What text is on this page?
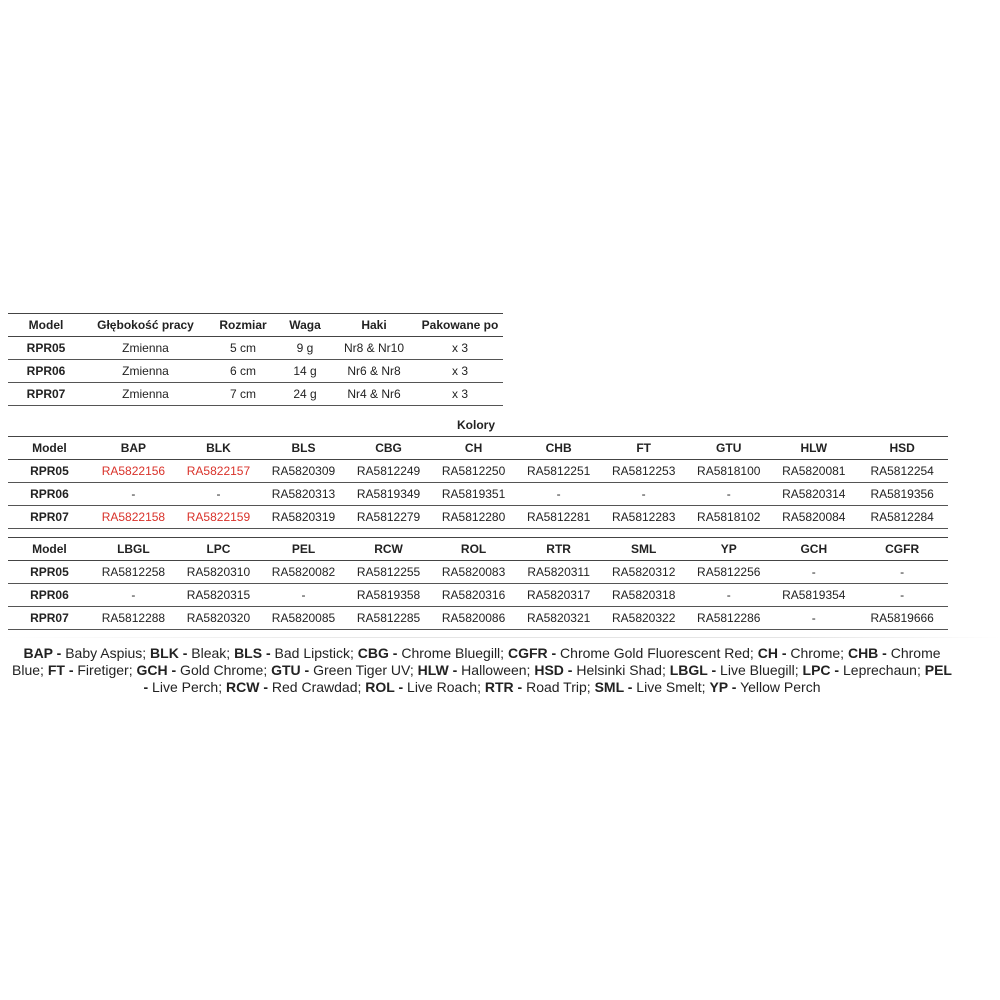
Model	Głębokość pracy	Rozmiar	Waga	Haki	Pakowane po
RPR05	Zmienna	5 cm	9 g	Nr8 & Nr10	x 3
RPR06	Zmienna	6 cm	14 g	Nr6 & Nr8	x 3
RPR07	Zmienna	7 cm	24 g	Nr4 & Nr6	x 3
Kolory
Model	BAP	BLK	BLS	CBG	CH	CHB	FT	GTU	HLW	HSD
RPR05	RA5822156	RA5822157	RA5820309	RA5812249	RA5812250	RA5812251	RA5812253	RA5818100	RA5820081	RA5812254
RPR06	-	-	RA5820313	RA5819349	RA5819351	-	-	-	RA5820314	RA5819356
RPR07	RA5822158	RA5822159	RA5820319	RA5812279	RA5812280	RA5812281	RA5812283	RA5818102	RA5820084	RA5812284

Model	LBGL	LPC	PEL	RCW	ROL	RTR	SML	YP	GCH	CGFR
RPR05	RA5812258	RA5820310	RA5820082	RA5812255	RA5820083	RA5820311	RA5820312	RA5812256	-	-
RPR06	-	RA5820315	-	RA5819358	RA5820316	RA5820317	RA5820318	-	RA5819354	-
RPR07	RA5812288	RA5820320	RA5820085	RA5812285	RA5820086	RA5820321	RA5820322	RA5812286	-	RA5819666
BAP - Baby Aspius; BLK - Bleak; BLS - Bad Lipstick; CBG - Chrome Bluegill; CGFR - Chrome Gold Fluorescent Red; CH - Chrome; CHB - Chrome Blue; FT - Firetiger; GCH - Gold Chrome; GTU - Green Tiger UV; HLW - Halloween; HSD - Helsinki Shad; LBGL - Live Bluegill; LPC - Leprechaun; PEL - Live Perch; RCW - Red Crawdad; ROL - Live Roach; RTR - Road Trip; SML - Live Smelt; YP - Yellow Perch
